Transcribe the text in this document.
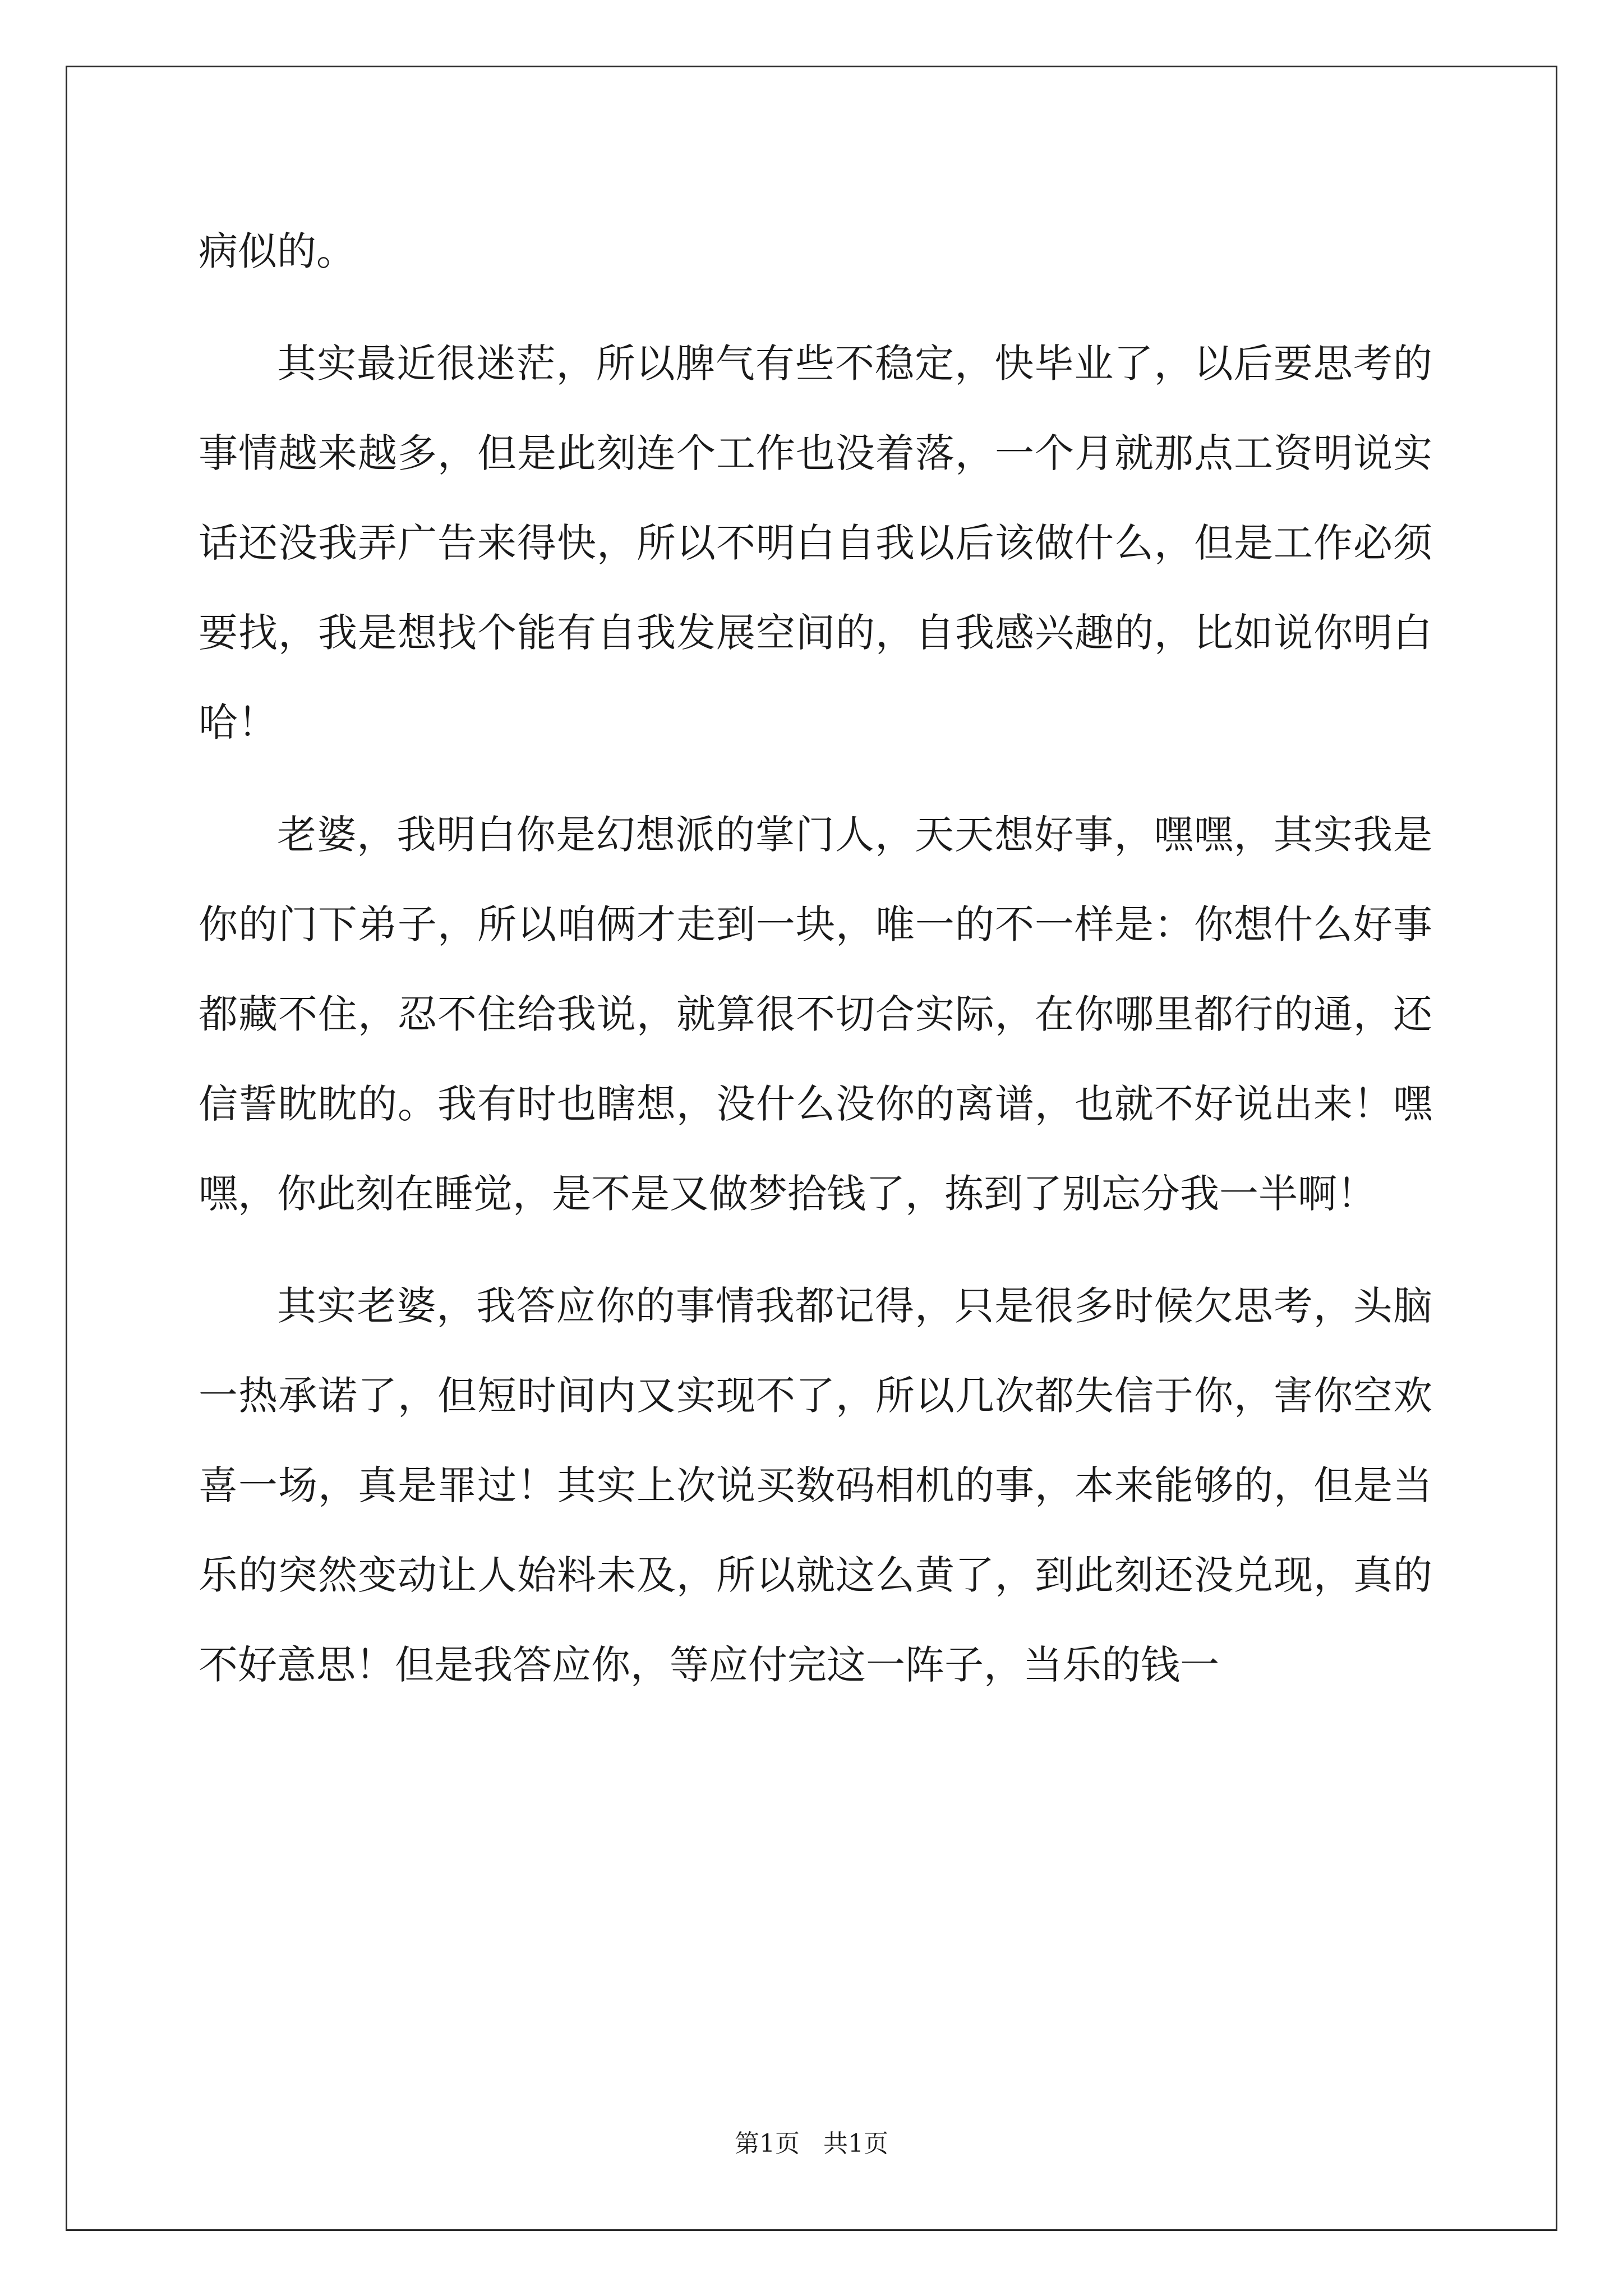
病似的。

其实最近很迷茫，所以脾气有些不稳定，快毕业了，以后要思考的事情越来越多，但是此刻连个工作也没着落，一个月就那点工资明说实话还没我弄广告来得快，所以不明白自我以后该做什么，但是工作必须要找，我是想找个能有自我发展空间的，自我感兴趣的，比如说你明白哈！

老婆，我明白你是幻想派的掌门人，天天想好事，嘿嘿，其实我是你的门下弟子，所以咱俩才走到一块，唯一的不一样是：你想什么好事都藏不住，忍不住给我说，就算很不切合实际，在你哪里都行的通，还信誓眈眈的。我有时也瞎想，没什么没你的离谱，也就不好说出来！嘿嘿，你此刻在睡觉，是不是又做梦拾钱了，拣到了别忘分我一半啊！

其实老婆，我答应你的事情我都记得，只是很多时候欠思考，头脑一热承诺了，但短时间内又实现不了，所以几次都失信于你，害你空欢喜一场，真是罪过！其实上次说买数码相机的事，本来能够的，但是当乐的突然变动让人始料未及，所以就这么黄了，到此刻还没兑现，真的不好意思！但是我答应你，等应付完这一阵子，当乐的钱一

第1页   共1页
